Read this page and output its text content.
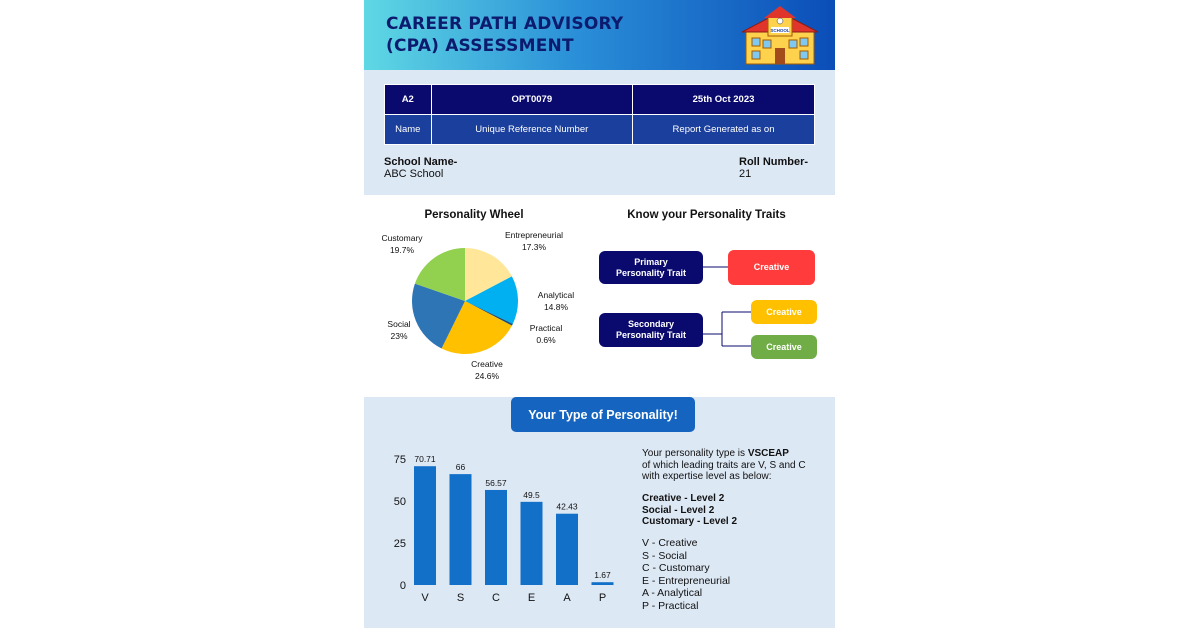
CAREER PATH ADVISORY
(CPA) ASSESSMENT
SCHOOL
A2	OPT0079	25th Oct 2023
Name	Unique Reference Number	Report Generated as on
School Name-
ABC School
Roll Number-
21
Personality Wheel
Entrepreneurial
17.3%
Analytical
14.8%
Practical
0.6%
Creative
24.6%
Social
23%
Customary
19.7%
Know your Personality Traits
Primary
Personality Trait
Creative
Secondary
Personality Trait
Creative
Creative
Your Type of Personality!
0
25
50
75 70.71
V
66
S
56.57
C
49.5
E
42.43
A
1.67
P
Your personality type is VSCEAP
of which leading traits are V, S and C
with expertise level as below:
Creative - Level 2
Social - Level 2
Customary - Level 2
V - Creative
S - Social
C - Customary
E - Entrepreneurial
A - Analytical
P - Practical
